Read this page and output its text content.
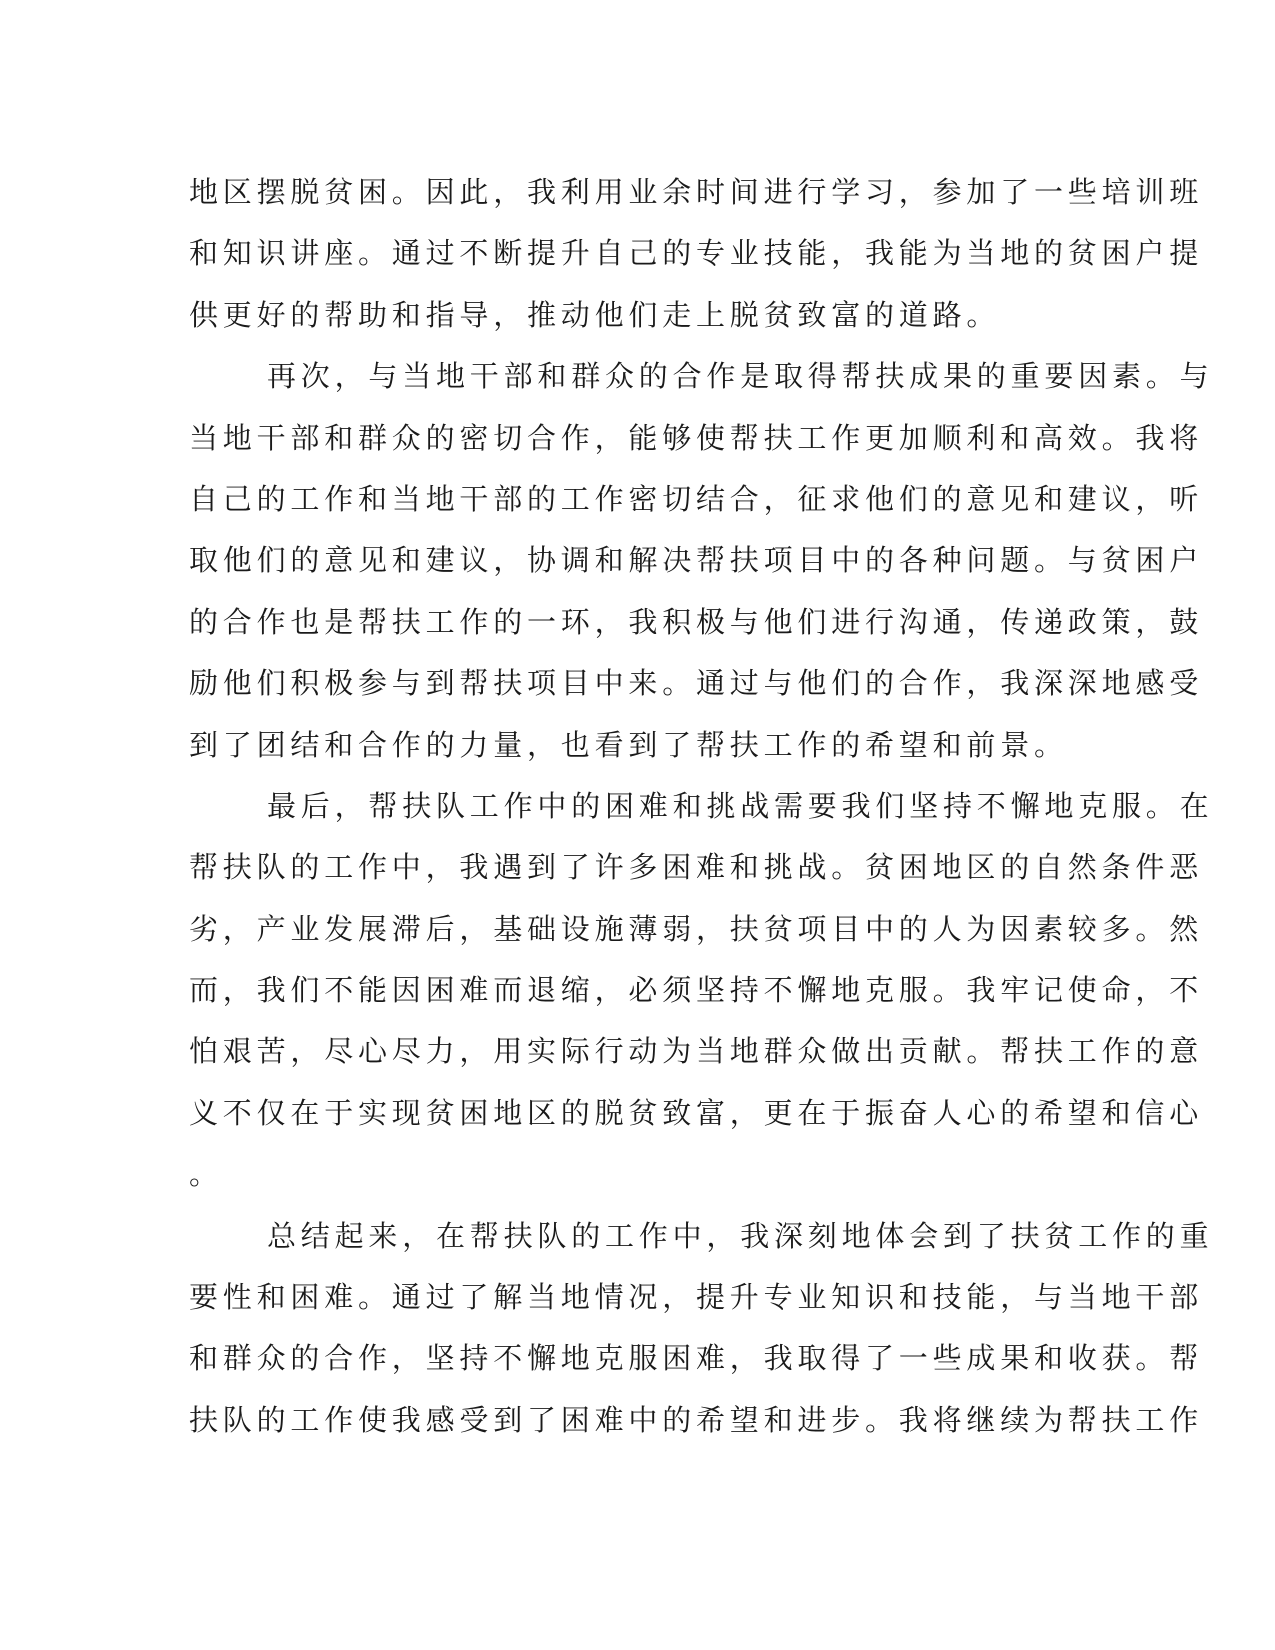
地区摆脱贫困。因此，我利用业余时间进行学习，参加了一些培训班
和知识讲座。通过不断提升自己的专业技能，我能为当地的贫困户提
供更好的帮助和指导，推动他们走上脱贫致富的道路。
再次，与当地干部和群众的合作是取得帮扶成果的重要因素。与
当地干部和群众的密切合作，能够使帮扶工作更加顺利和高效。我将
自己的工作和当地干部的工作密切结合，征求他们的意见和建议，听
取他们的意见和建议，协调和解决帮扶项目中的各种问题。与贫困户
的合作也是帮扶工作的一环，我积极与他们进行沟通，传递政策，鼓
励他们积极参与到帮扶项目中来。通过与他们的合作，我深深地感受
到了团结和合作的力量，也看到了帮扶工作的希望和前景。
最后，帮扶队工作中的困难和挑战需要我们坚持不懈地克服。在
帮扶队的工作中，我遇到了许多困难和挑战。贫困地区的自然条件恶
劣，产业发展滞后，基础设施薄弱，扶贫项目中的人为因素较多。然
而，我们不能因困难而退缩，必须坚持不懈地克服。我牢记使命，不
怕艰苦，尽心尽力，用实际行动为当地群众做出贡献。帮扶工作的意
义不仅在于实现贫困地区的脱贫致富，更在于振奋人心的希望和信心
。
总结起来，在帮扶队的工作中，我深刻地体会到了扶贫工作的重
要性和困难。通过了解当地情况，提升专业知识和技能，与当地干部
和群众的合作，坚持不懈地克服困难，我取得了一些成果和收获。帮
扶队的工作使我感受到了困难中的希望和进步。我将继续为帮扶工作
